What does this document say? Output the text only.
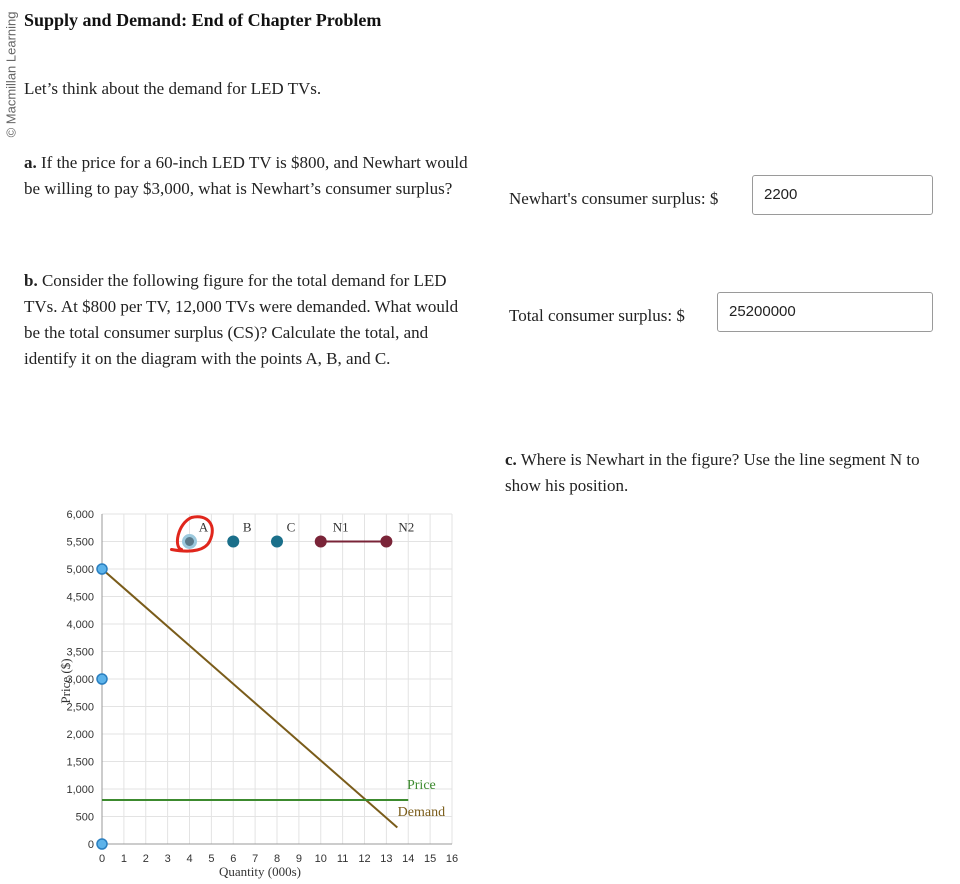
© Macmillan Learning Supply and Demand: End of Chapter Problem

Let’s think about the demand for LED TVs.

a. If the price for a 60-inch LED TV is $800, and Newhart would be willing to pay $3,000, what is Newhart’s consumer surplus?

Newhart's consumer surplus: $	2200

b. Consider the following figure for the total demand for LED TVs. At $800 per TV, 12,000 TVs were demanded. What would be the total consumer surplus (CS)? Calculate the total, and identify it on the diagram with the points A, B, and C.

Total consumer surplus: $	25200000

c. Where is Newhart in the figure? Use the line segment N to show his position.

0
500
1,000
1,500
2,000
2,500
3,000
3,500
4,000
4,500
5,000
5,500
6,000
0 1 2 3 4 5 6 7 8 9 10 11 12 13 14 15 16
Quantity (000s)
Price ($)
Price
Demand
A	B	C	N1	N2
